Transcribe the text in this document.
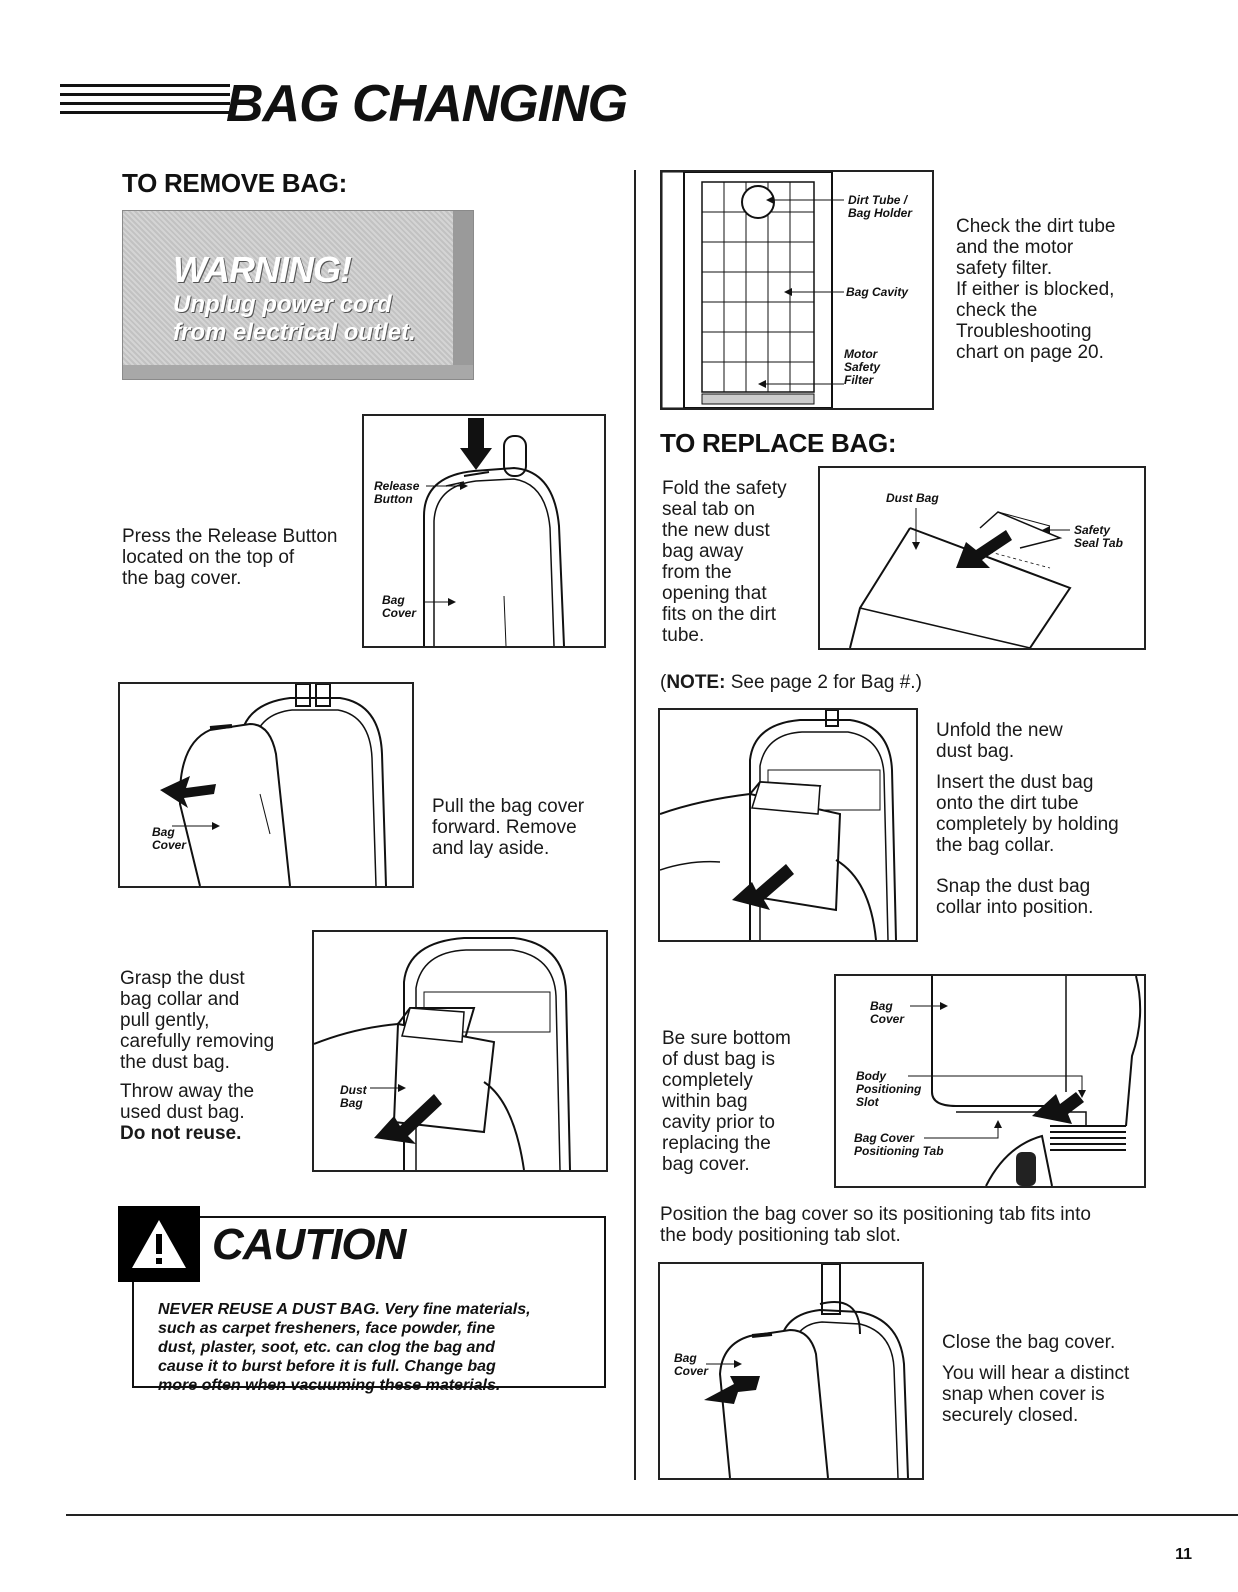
BAG CHANGING
TO REMOVE BAG:
WARNING!
Unplug power cord
from electrical outlet.
Press the Release Button
located on the top of
the bag cover.
Release
Button
Bag
Cover
Bag
Cover
Pull the bag cover
forward. Remove
and lay aside.
Grasp the dust
bag collar and
pull gently,
carefully removing
the dust bag.
Throw away the
used dust bag.
Do not reuse.
Dust
Bag
CAUTION
NEVER REUSE A DUST BAG. Very fine materials,
such as carpet fresheners, face powder, fine
dust, plaster, soot, etc. can clog the bag and
cause it to burst before it is full. Change bag
more often when vacuuming these materials.
Dirt Tube /
Bag Holder
Bag Cavity
Motor
Safety
Filter
Check the dirt tube
and the motor
safety filter.
If either is blocked,
check the
Troubleshooting
chart on page 20.
TO REPLACE BAG:
Fold the safety
seal tab on
the new dust
bag away
from the
opening that
fits on the dirt
tube.
Dust Bag
Safety
Seal Tab
(NOTE: See page 2 for Bag #.)
Unfold the new
dust bag.
Insert the dust bag
onto the dirt tube
completely by holding
the bag collar.
Snap the dust bag
collar into position.
Be sure bottom
of dust bag is
completely
within bag
cavity prior to
replacing the
bag cover.
Bag
Cover
Body
Positioning
Slot
Bag Cover
Positioning Tab
Position the bag cover so its positioning tab fits into
the body positioning tab slot.
Bag
Cover
Close the bag cover.
You will hear a distinct
snap when cover is
securely closed.
11
